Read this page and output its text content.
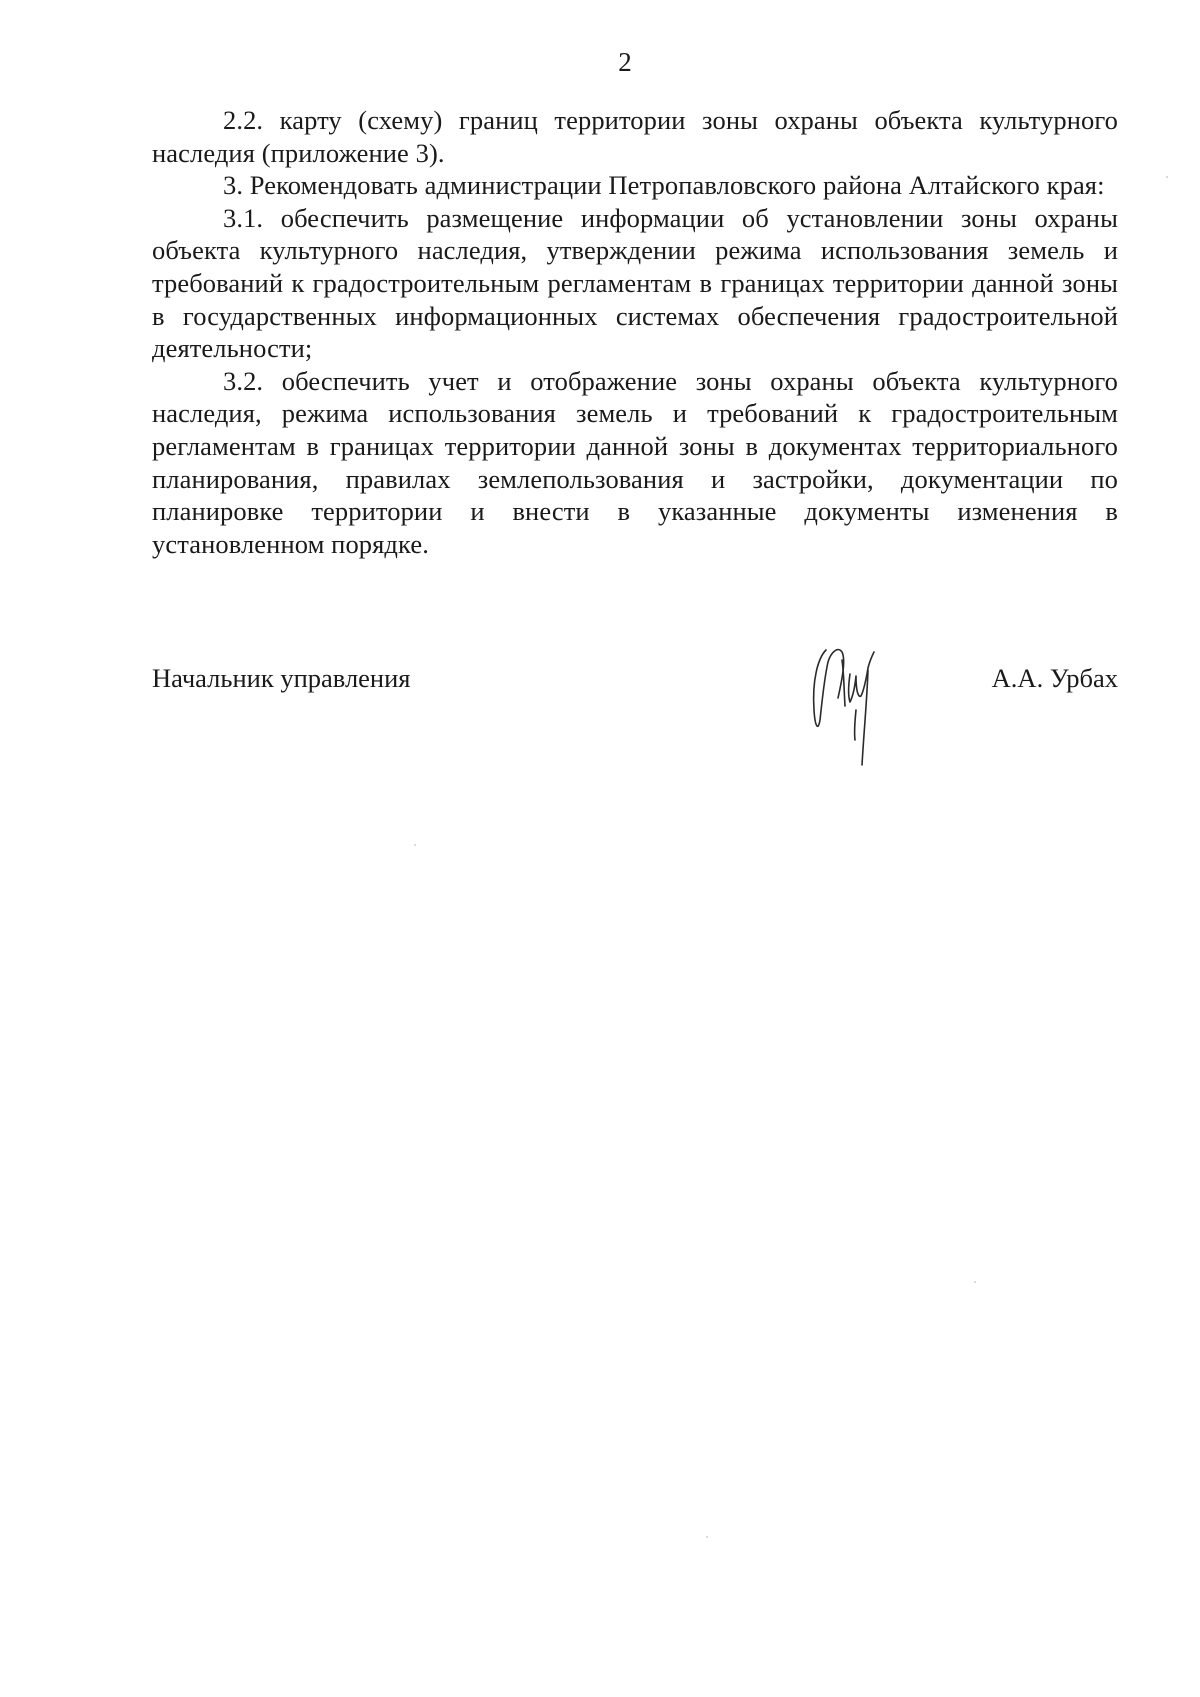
2

2.2. карту (схему) границ территории зоны охраны объекта культурного наследия (приложение 3).

3. Рекомендовать администрации Петропавловского района Алтайского края:

3.1. обеспечить размещение информации об установлении зоны охраны объекта культурного наследия, утверждении режима использования земель и требований к градостроительным регламентам в границах территории данной зоны в государственных информационных системах обеспечения градостроительной деятельности;

3.2. обеспечить учет и отображение зоны охраны объекта культурного наследия, режима использования земель и требований к градостроительным регламентам в границах территории данной зоны в документах территориального планирования, правилах землепользования и застройки, документации по планировке территории и внести в указанные документы изменения в установленном порядке.

Начальник управления	А.А. Урбах
